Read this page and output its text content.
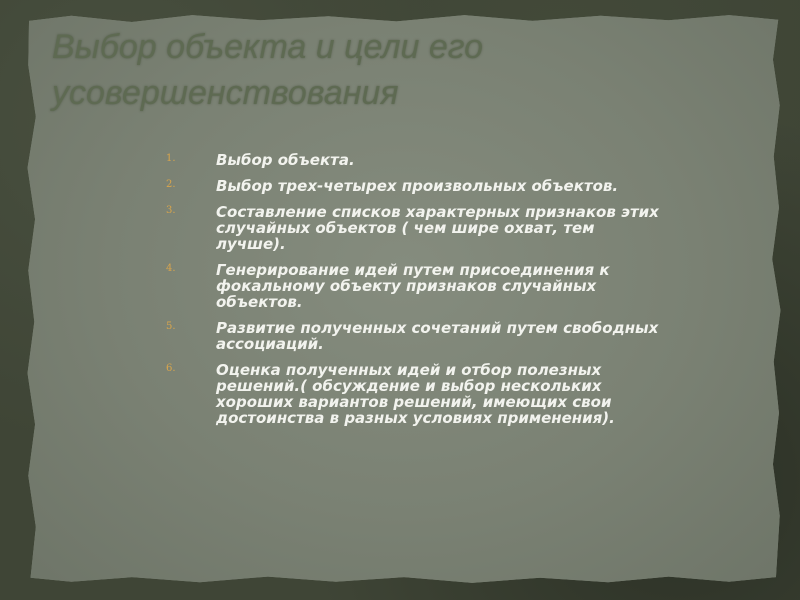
Выбор объекта и цели его усовершенствования
1.	Выбор объекта.
2.	Выбор трех-четырех произвольных объектов.
3.	Составление списков характерных признаков этих случайных объектов ( чем шире охват, тем лучше).
4.	Генерирование идей путем присоединения к фокальному объекту признаков случайных объектов.
5.	Развитие полученных сочетаний путем свободных ассоциаций.
6.	Оценка полученных идей и отбор полезных решений.( обсуждение и выбор нескольких хороших вариантов решений, имеющих свои достоинства в разных условиях применения).
